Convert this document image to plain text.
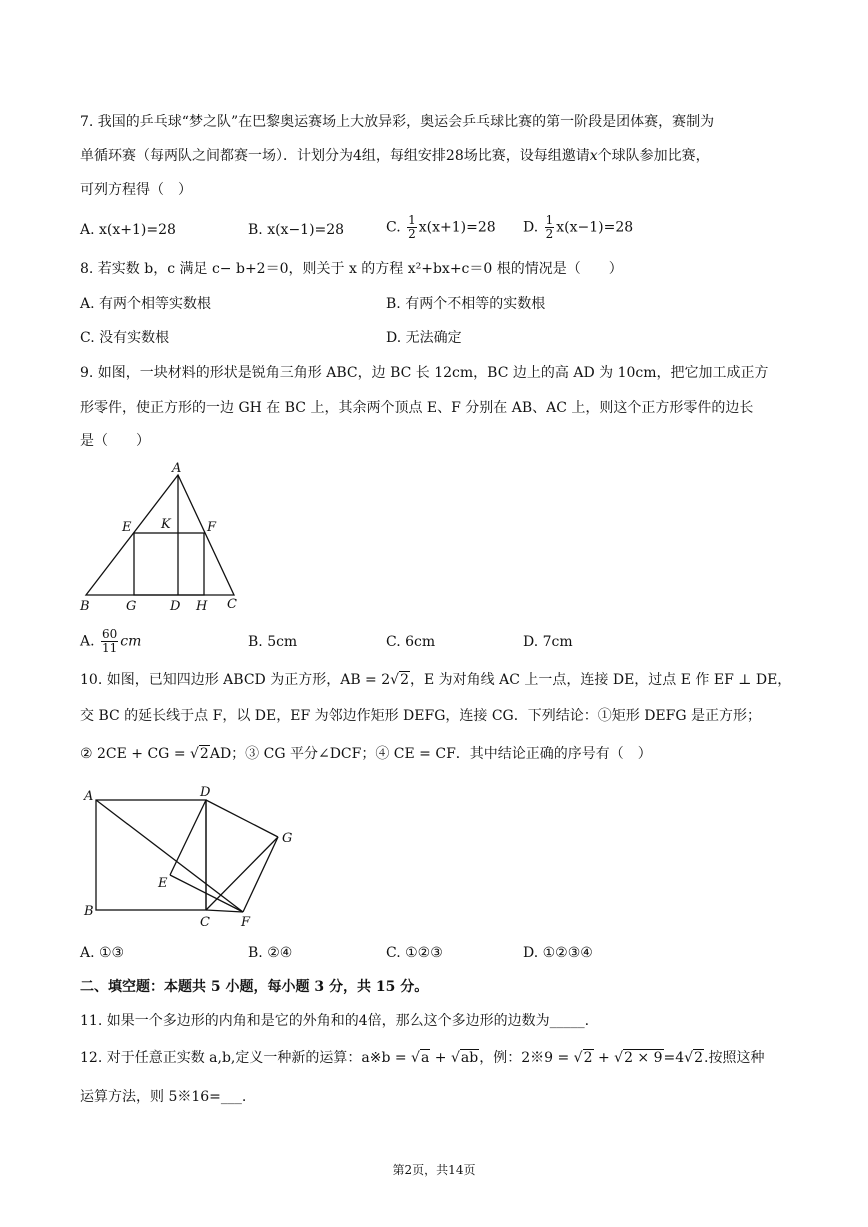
7. 我国的乒乓球“梦之队”在巴黎奥运赛场上大放异彩，奥运会乒乓球比赛的第一阶段是团体赛，赛制为
单循环赛（每两队之间都赛一场）．计划分为4组，每组安排28场比赛，设每组邀请x个球队参加比赛，
可列方程得（　）
A. x(x+1)=28	B. x(x−1)=28	C. $\frac{1}{2} x(x+1)=28$ D. $\frac{1}{2} x(x-1)=28$
8. 若实数 b，c 满足 c− b+2＝0，则关于 x 的方程 x²+bx+c＝0 根的情况是（　　）
A. 有两个相等实数根	B. 有两个不相等的实数根
C. 没有实数根	D. 无法确定
9. 如图，一块材料的形状是锐角三角形 ABC，边 BC 长 12cm，BC 边上的高 AD 为 10cm，把它加工成正方
形零件，使正方形的一边 GH 在 BC 上，其余两个顶点 E、F 分别在 AB、AC 上，则这个正方形零件的边长
是（　　）
A
E K	F
B	G	D H C
A. $\frac{60}{11}$ cm	B. 5cm	C. 6cm	D. 7cm
10. 如图，已知四边形 ABCD 为正方形，AB = 2√2，E 为对角线 AC 上一点，连接 DE，过点 E 作 EF ⊥ DE，
交 BC 的延长线于点 F，以 DE，EF 为邻边作矩形 DEFG，连接 CG．下列结论：①矩形 DEFG 是正方形；
② 2CE + CG = √2AD；③ CG 平分∠DCF；④ CE = CF．其中结论正确的序号有（　）
A	D
G
E
B
C F
A. ①③	B. ②④	C. ①②③	D. ①②③④
二、填空题：本题共 5 小题，每小题 3 分，共 15 分。
11. 如果一个多边形的内角和是它的外角和的4倍，那么这个多边形的边数为_____.
12. 对于任意正实数 a,b,定义一种新的运算：a※b = √a + √ab，例：2※9 = √2 + √2 × 9=4√2.按照这种
运算方法，则 5※16=___.
第2页，共14页
